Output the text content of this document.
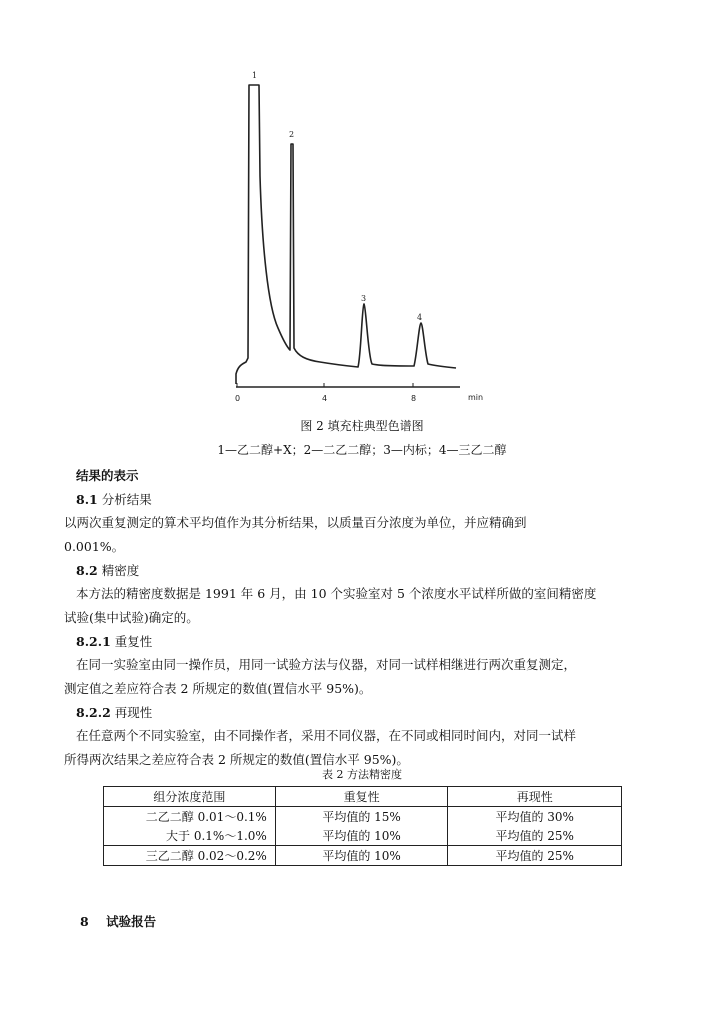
0	4	8	min
1
2
3
4
图 2 填充柱典型色谱图
1—乙二醇+X；2—二乙二醇；3—内标；4—三乙二醇
结果的表示
8.1 分析结果
以两次重复测定的算术平均值作为其分析结果，以质量百分浓度为单位，并应精确到
0.001%。
8.2 精密度
本方法的精密度数据是 1991 年 6 月，由 10 个实验室对 5 个浓度水平试样所做的室间精密度
试验(集中试验)确定的。
8.2.1 重复性
在同一实验室由同一操作员，用同一试验方法与仪器，对同一试样相继进行两次重复测定，
测定值之差应符合表 2 所规定的数值(置信水平 95%)。
8.2.2 再现性
在任意两个不同实验室，由不同操作者，采用不同仪器，在不同或相同时间内，对同一试样
所得两次结果之差应符合表 2 所规定的数值(置信水平 95%)。
表 2 方法精密度
组分浓度范围	重复性	再现性
二乙二醇 0.01～0.1%	平均值的 15%	平均值的 30%
大于 0.1%～1.0%	平均值的 10%	平均值的 25%
三乙二醇 0.02～0.2%	平均值的 10%	平均值的 25%
8 试验报告
